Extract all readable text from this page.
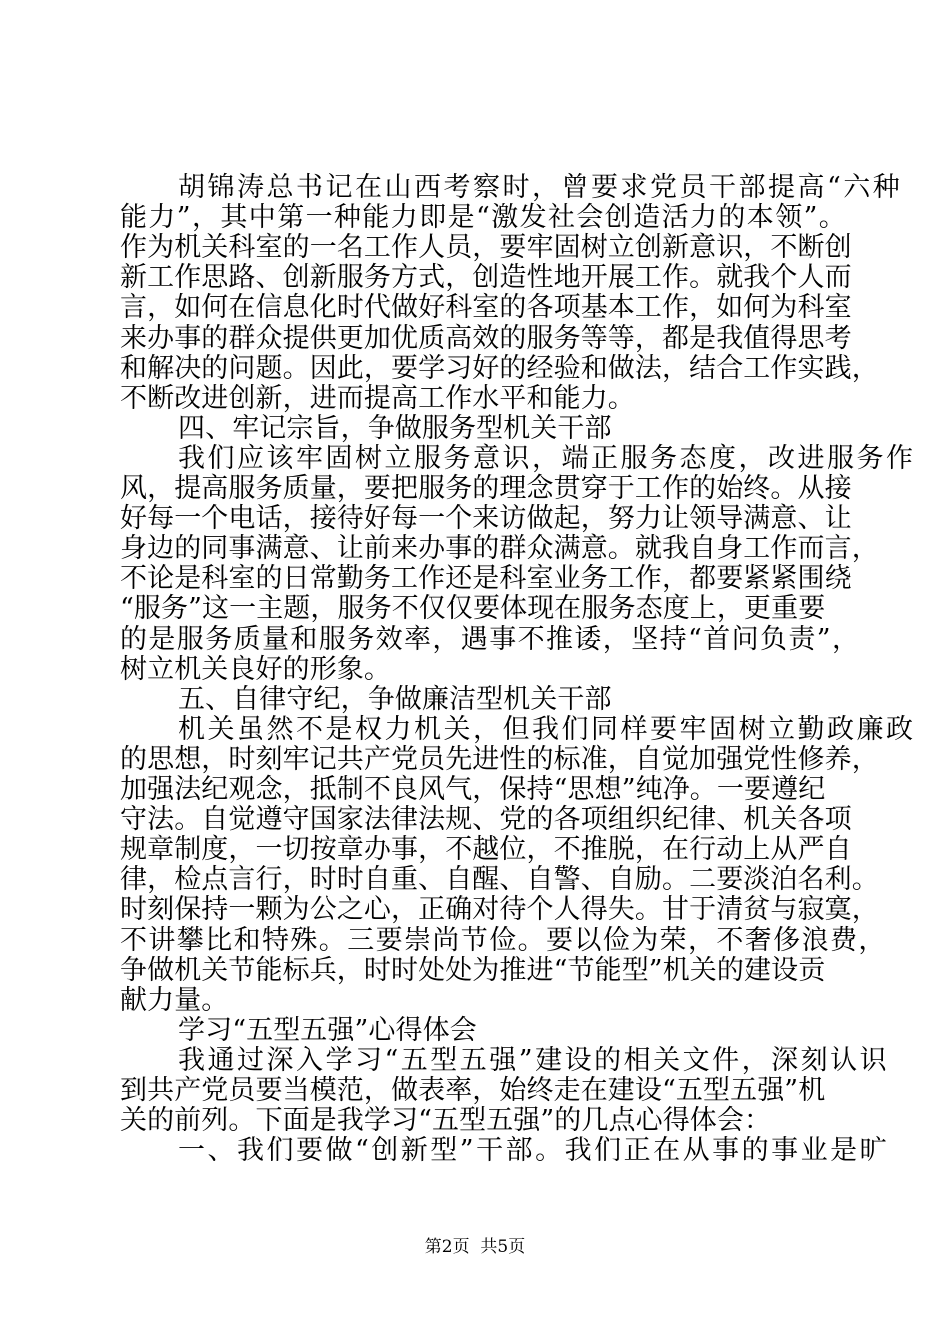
胡锦涛总书记在山西考察时，曾要求党员干部提高“六种
能力”，其中第一种能力即是“激发社会创造活力的本领”。
作为机关科室的一名工作人员，要牢固树立创新意识，不断创
新工作思路、创新服务方式，创造性地开展工作。就我个人而
言，如何在信息化时代做好科室的各项基本工作，如何为科室
来办事的群众提供更加优质高效的服务等等，都是我值得思考
和解决的问题。因此，要学习好的经验和做法，结合工作实践，
不断改进创新，进而提高工作水平和能力。
四、牢记宗旨，争做服务型机关干部
我们应该牢固树立服务意识，端正服务态度，改进服务作
风，提高服务质量，要把服务的理念贯穿于工作的始终。从接
好每一个电话，接待好每一个来访做起，努力让领导满意、让
身边的同事满意、让前来办事的群众满意。就我自身工作而言，
不论是科室的日常勤务工作还是科室业务工作，都要紧紧围绕
“服务”这一主题，服务不仅仅要体现在服务态度上，更重要
的是服务质量和服务效率，遇事不推诿，坚持“首问负责”，
树立机关良好的形象。
五、自律守纪，争做廉洁型机关干部
机关虽然不是权力机关，但我们同样要牢固树立勤政廉政
的思想，时刻牢记共产党员先进性的标准，自觉加强党性修养，
加强法纪观念，抵制不良风气，保持“思想”纯净。一要遵纪
守法。自觉遵守国家法律法规、党的各项组织纪律、机关各项
规章制度，一切按章办事，不越位，不推脱，在行动上从严自
律，检点言行，时时自重、自醒、自警、自励。二要淡泊名利。
时刻保持一颗为公之心，正确对待个人得失。甘于清贫与寂寞，
不讲攀比和特殊。三要崇尚节俭。要以俭为荣，不奢侈浪费，
争做机关节能标兵，时时处处为推进“节能型”机关的建设贡
献力量。
学习“五型五强”心得体会
我通过深入学习“五型五强”建设的相关文件，深刻认识
到共产党员要当模范，做表率，始终走在建设“五型五强”机
关的前列。下面是我学习“五型五强”的几点心得体会：
一、我们要做“创新型”干部。我们正在从事的事业是旷
第2页  共5页
